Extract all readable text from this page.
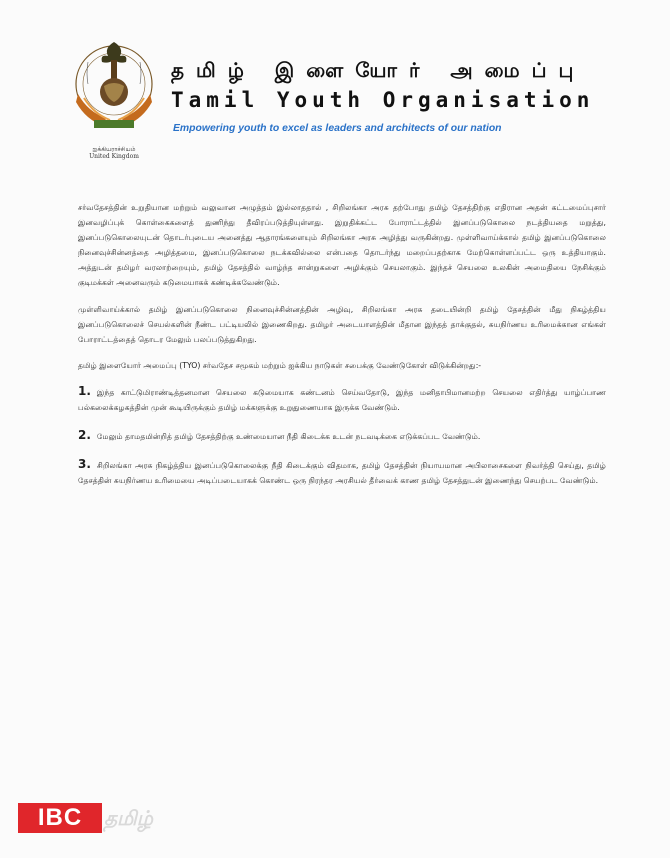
ஐக்கியராச்சியம்
United Kingdom
தமிழ் இளையோர் அமைப்பு
Tamil Youth Organisation
Empowering youth to excel as leaders and architects of our nation

சர்வதேசத்தின் உறுதியான மற்றும் வலுவான அழுத்தம் இல்லாததால் , சிறிலங்கா அரசு தற்போது தமிழ் தேசத்திற்கு எதிரான அதன் கட்டமைப்புசார் இனவழிப்புக் கொள்கைகளைத் துணிந்து தீவிரப்படுத்தியுள்ளது. இறுதிக்கட்ட போராட்டத்தில் இனப்படுகொலை நடத்தியதை மறுத்து, இனப்படுகொலையுடன் தொடர்புடைய அனைத்து ஆதாரங்களையும் சிறிலங்கா அரசு அழித்து வருகின்றது. முள்ளிவாய்க்கால் தமிழ் இனப்படுகொலை நினைவுச்சின்னத்தை அழித்தமை, இனப்படுகொலை நடக்கவில்லை என்பதை தொடர்ந்து மறைப்பதற்காக மேற்கொள்ளப்பட்ட ஒரு உத்தியாகும். அத்துடன் தமிழர் வரலாற்றையும், தமிழ் தேசத்தில் வாழ்ந்த சான்றுகளை அழிக்கும் செயலாகும். இந்தச் செயலை உலகின் அமைதியை நேசிக்கும் குடிமக்கள் அனைவரும் கடுமையாகக் கண்டிக்கவேண்டும்.

முள்ளிவாய்க்கால் தமிழ் இனப்படுகொலை நினைவுச்சின்னத்தின் அழிவு, சிறிலங்கா அரசு தடையின்றி தமிழ் தேசத்தின் மீது நிகழ்த்திய இனப்படுகொலைச் செயல்களின் நீண்ட பட்டியலில் இணைகிறது. தமிழர் அடையாளத்தின் மீதான இந்தத் தாக்குதல், சுயநிர்ணய உரிமைக்கான எங்கள் போராட்டத்தைத் தொடர மேலும் பலப்படுத்துகிறது.

தமிழ் இளையோர் அமைப்பு (TYO) சர்வதேச சமூகம் மற்றும் ஐக்கிய நாடுகள் சபைக்கு வேண்டுகோள் விடுக்கின்றது:-

1. இந்த காட்டுமிராண்டித்தனமான செயலை கடுமையாக கண்டனம் செய்வதோடு, இந்த மனிதாபிமானமற்ற செயலை எதிர்த்து யாழ்ப்பாண பல்கலைக்கழகத்தின் முன் கூடியிருக்கும் தமிழ் மக்களுக்கு உறுதுணையாக இருக்க வேண்டும்.

2. மேலும் தாமதமின்றித் தமிழ் தேசத்திற்கு உண்மையான நீதி கிடைக்க உடன் நடவடிக்கை எடுக்கப்பட வேண்டும்.

3. சிறிலங்கா அரசு நிகழ்த்திய இனப்படுகொலைக்கு நீதி கிடைக்கும் விதமாக, தமிழ் தேசத்தின் நியாயமான அபிலாசைகளை நிவர்த்தி செய்து, தமிழ் தேசத்தின் சுயநிர்ணய உரிமையை அடிப்படையாகக் கொண்ட ஒரு நிரந்தர அரசியல் தீர்வைக் காண தமிழ் தேசத்துடன் இணைந்து செயற்பட வேண்டும்.

IBC	தமிழ்
